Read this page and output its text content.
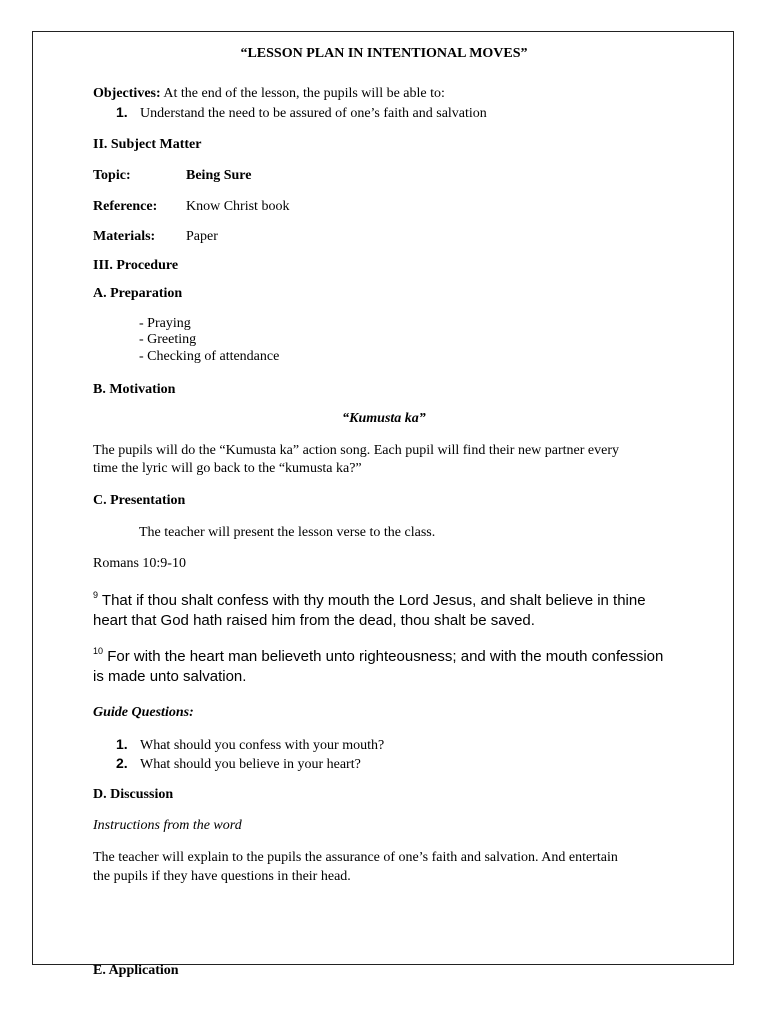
“LESSON PLAN IN INTENTIONAL MOVES”
Objectives: At the end of the lesson, the pupils will be able to:
1. Understand the need to be assured of one’s faith and salvation
II. Subject Matter
Topic:	Being Sure
Reference: Know Christ book
Materials: Paper
III. Procedure
A. Preparation
- Praying
- Greeting
- Checking of attendance
B. Motivation
“Kumusta ka”
The pupils will do the “Kumusta ka” action song. Each pupil will find their new partner every
time the lyric will go back to the “kumusta ka?”
C. Presentation
The teacher will present the lesson verse to the class.
Romans 10:9-10
$^9$ That if thou shalt confess with thy mouth the Lord Jesus, and shalt believe in thine
heart that God hath raised him from the dead, thou shalt be saved.
$^{10}$ For with the heart man believeth unto righteousness; and with the mouth confession
is made unto salvation.
Guide Questions:
1. What should you confess with your mouth?
2. What should you believe in your heart?
D. Discussion
Instructions from the word
The teacher will explain to the pupils the assurance of one’s faith and salvation. And entertain
the pupils if they have questions in their head.
E. Application
